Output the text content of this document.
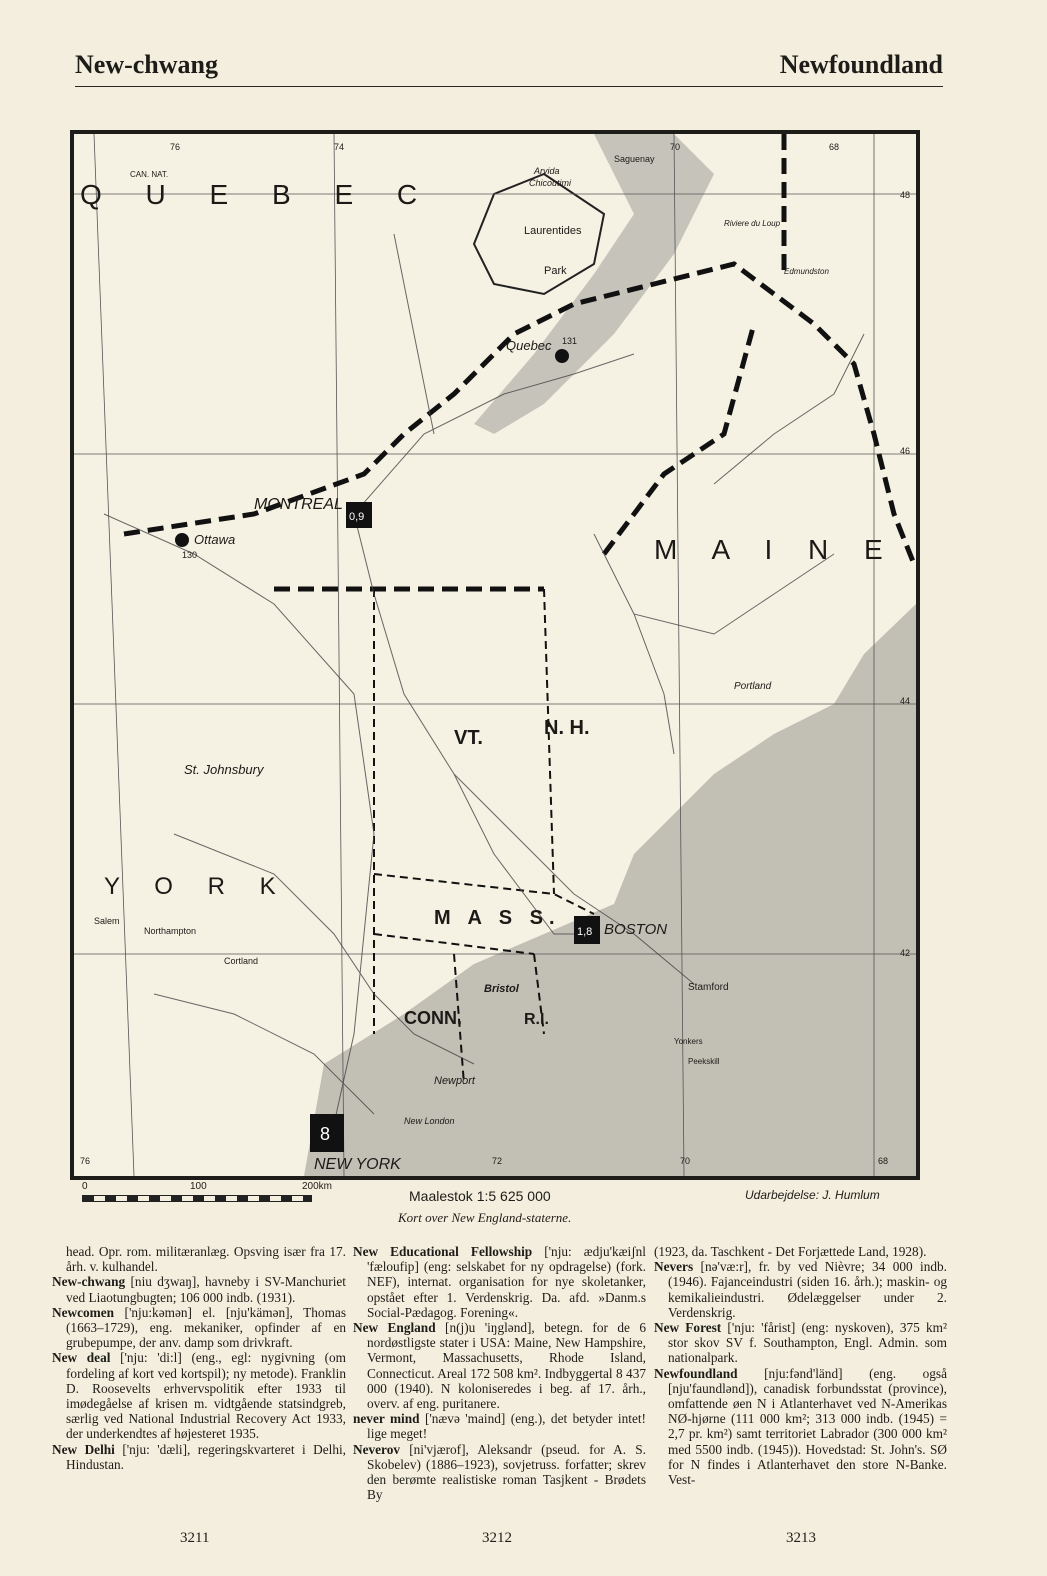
New-chwang	Newfoundland
Q U E B E C
M A I N E
VT.	N. H.
M A S S.
CONN.	R.I.
Y O R K
0,9
MONTREAL
1,8 BOSTON
8
NEW YORK
Quebec 131
Ottawa
130
CAN. NAT.
Saguenay
Arvida
Chicoutimi
Laurentides
Park
Riviere du Loup
Edmundston
Portland
Stamford
Yonkers
Peekskill
Bristol
Newport
St. Johnsbury
Cortland
New London
Salem
Northampton
76	74	70	68
76	72	70	68
48
46
44
42
0	100	200km
Maalestok 1:5 625 000
Kort over New England-staterne.
Udarbejdelse: J. Humlum

head. Opr. rom. militæranlæg. Opsving især fra 17. årh. v. kulhandel.

New-chwang [niu dʒwaŋ], havneby i SV-Manchuriet ved Liaotungbugten; 106 000 indb. (1931).

Newcomen ['nju:kəmən] el. [nju'kämən], Thomas (1663–1729), eng. mekaniker, opfinder af en grubepumpe, der anv. damp som drivkraft.

New deal ['nju: 'di:l] (eng., egl: nygivning (om fordeling af kort ved kortspil); ny metode). Franklin D. Roosevelts erhvervspolitik efter 1933 til imødegåelse af krisen m. vidtgående statsindgreb, særlig ved National Industrial Recovery Act 1933, der underkendtes af højesteret 1935.

New Delhi ['nju: 'dæli], regeringskvarteret i Delhi, Hindustan.

New Educational Fellowship ['nju: ædju'kæiʃnl 'fæloufip] (eng: selskabet for ny opdragelse) (fork. NEF), internat. organisation for nye skoletanker, opstået efter 1. Verdenskrig. Da. afd. »Danm.s Social-Pædagog. Forening«.

New England [n(j)u 'iŋglənd], betegn. for de 6 nordøstligste stater i USA: Maine, New Hampshire, Vermont, Massachusetts, Rhode Island, Connecticut. Areal 172 508 km². Indbyggertal 8 437 000 (1940). N koloniseredes i beg. af 17. årh., overv. af eng. puritanere.

never mind ['nævə 'maind] (eng.), det betyder intet! lige meget!

Neverov [ni'vjærof], Aleksandr (pseud. for A. S. Skobelev) (1886–1923), sovjetruss. forfatter; skrev den berømte realistiske roman Tasjkent - Brødets By

(1923, da. Taschkent - Det Forjættede Land, 1928).

Nevers [nə'væ:r], fr. by ved Nièvre; 34 000 indb. (1946). Fajanceindustri (siden 16. årh.); maskin- og kemikalieindustri. Ødelæggelser under 2. Verdenskrig.

New Forest ['nju: 'fårist] (eng: nyskoven), 375 km² stor skov SV f. Southampton, Engl. Admin. som nationalpark.

Newfoundland [nju:fənd'länd] (eng. også [nju'faundlənd]), canadisk forbundsstat (province), omfattende øen N i Atlanterhavet ved N-Amerikas NØ-hjørne (111 000 km²; 313 000 indb. (1945) = 2,7 pr. km²) samt territoriet Labrador (300 000 km² med 5500 indb. (1945)). Hovedstad: St. John's. SØ for N findes i Atlanterhavet den store N-Banke. Vest-

3211	3212	3213
